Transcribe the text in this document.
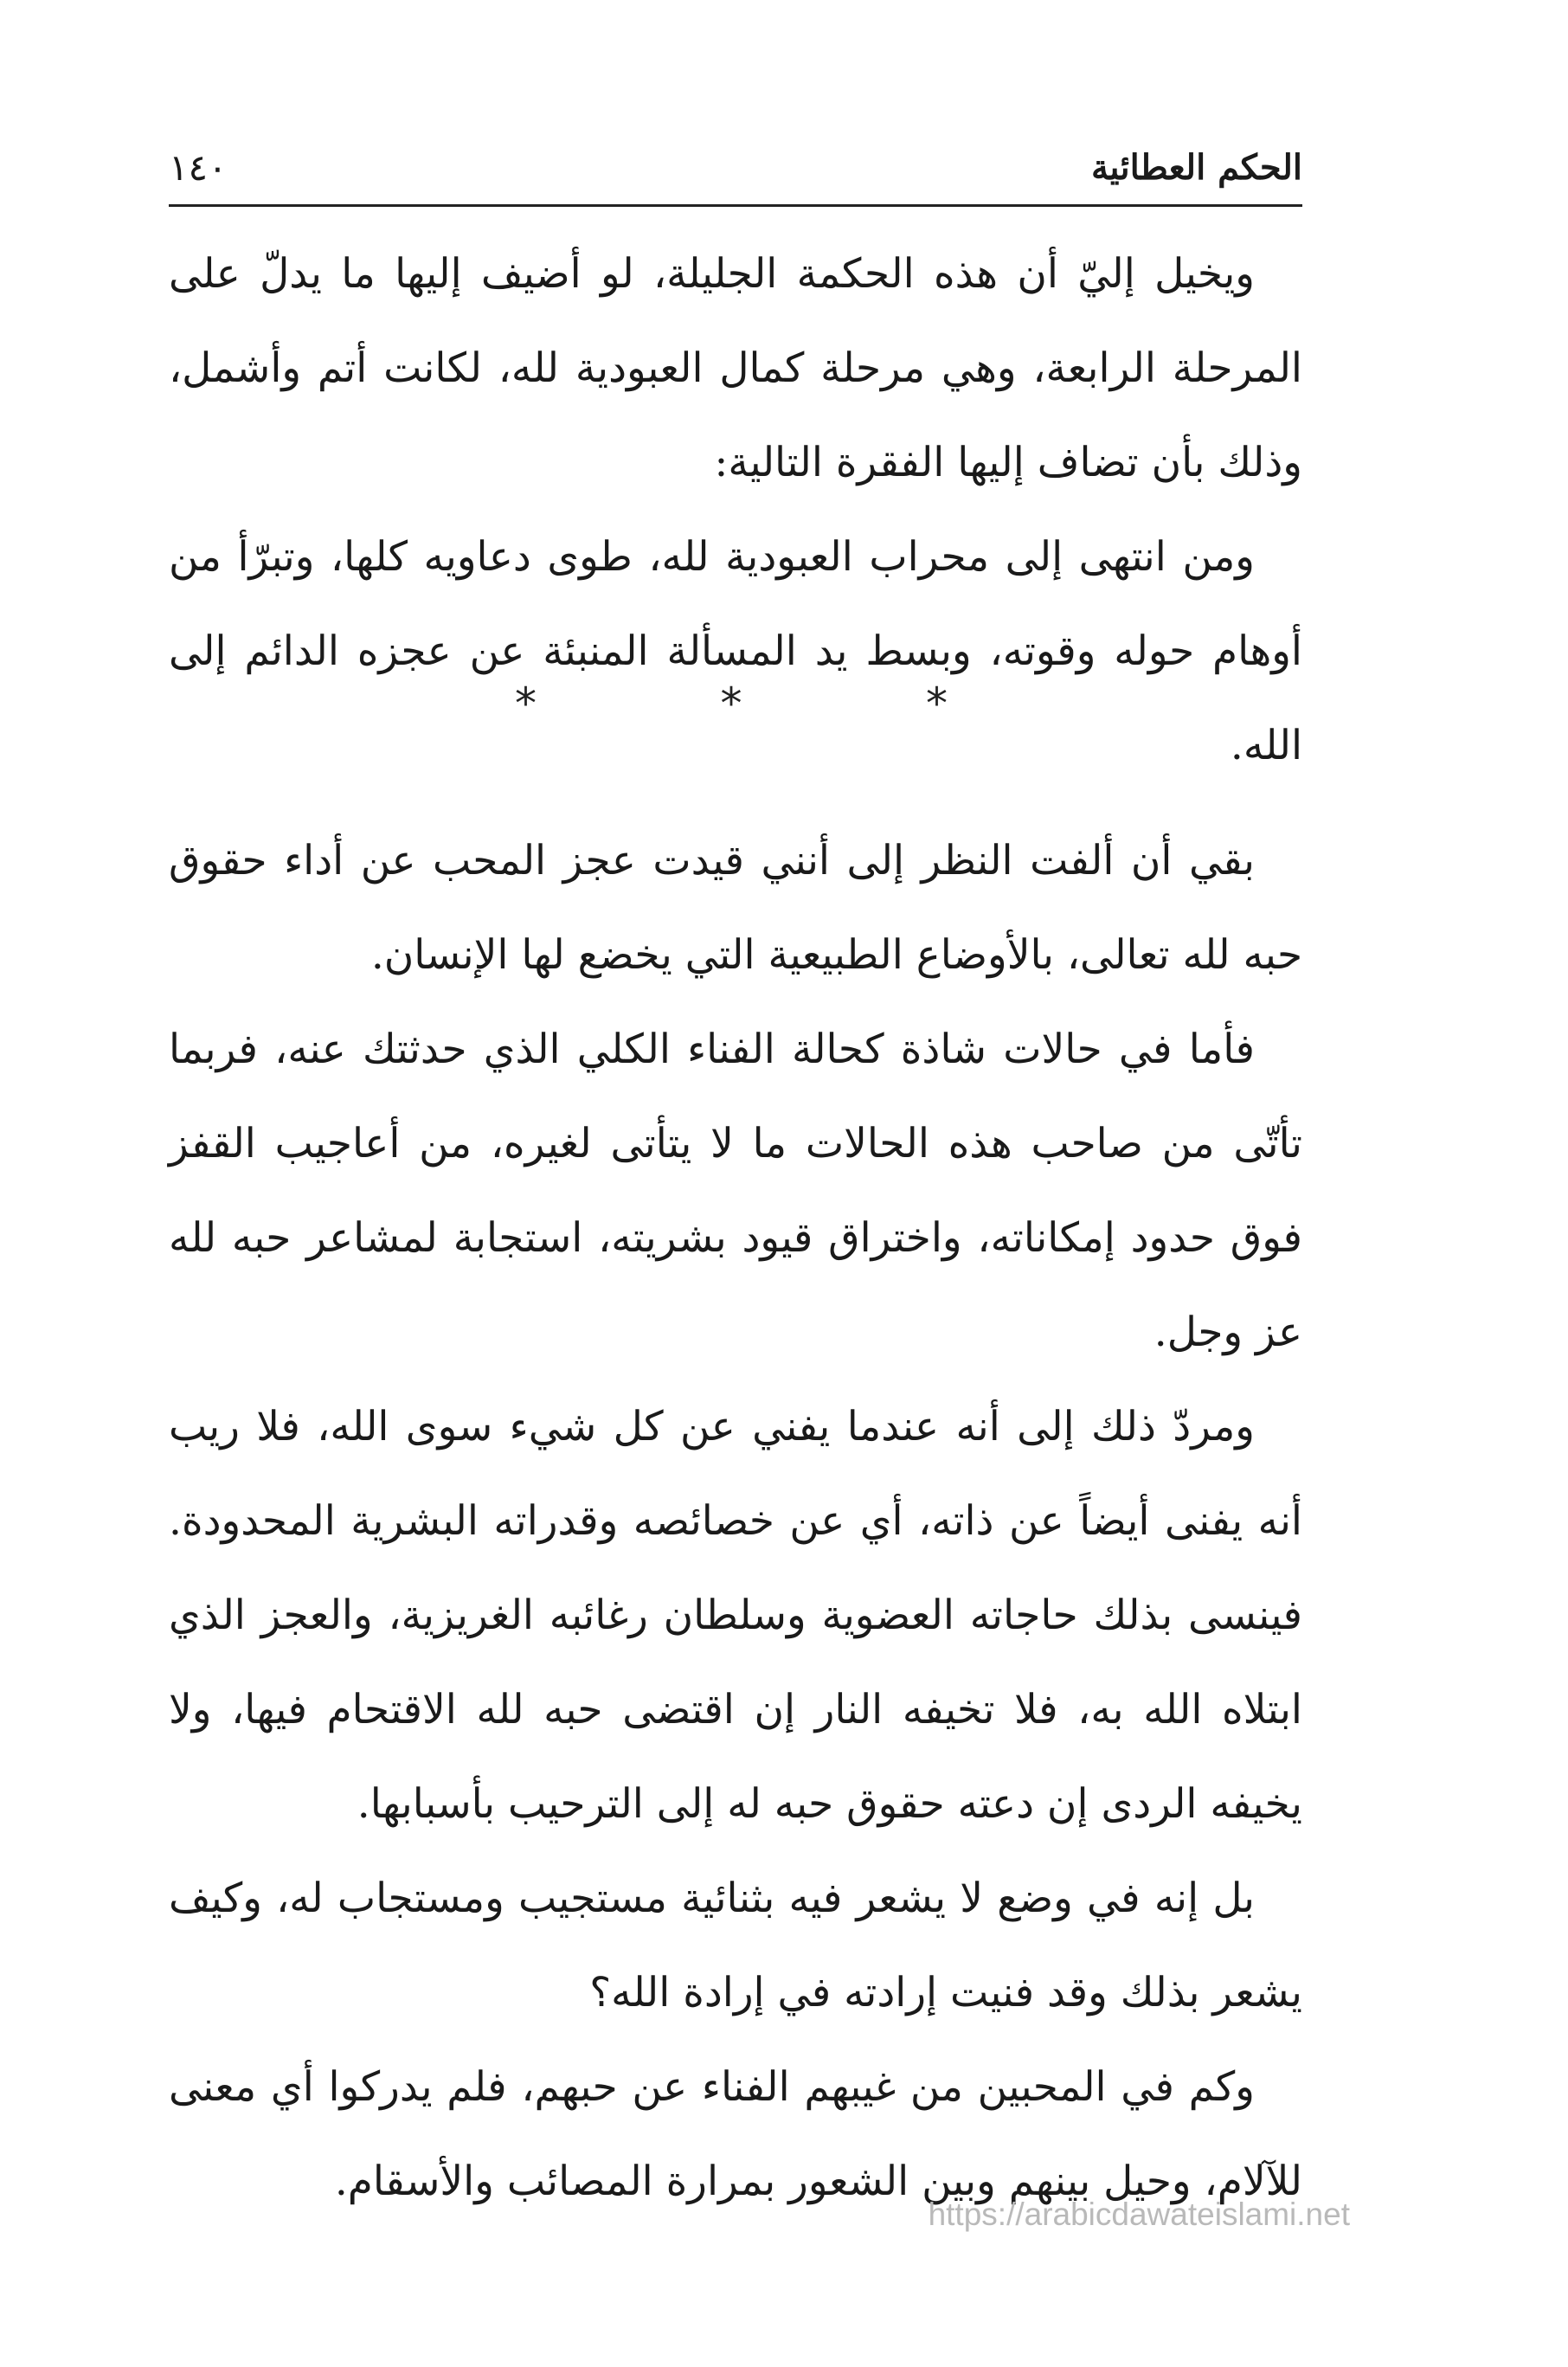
الحكم العطائية
١٤٠

ويخيل إليّ أن هذه الحكمة الجليلة، لو أضيف إليها ما يدلّ على المرحلة الرابعة، وهي مرحلة كمال العبودية لله، لكانت أتم وأشمل، وذلك بأن تضاف إليها الفقرة التالية:

ومن انتهى إلى محراب العبودية لله، طوى دعاويه كلها، وتبرّأ من أوهام حوله وقوته، وبسط يد المسألة المنبئة عن عجزه الدائم إلى الله.

*
*
*

بقي أن ألفت النظر إلى أنني قيدت عجز المحب عن أداء حقوق حبه لله تعالى، بالأوضاع الطبيعية التي يخضع لها الإنسان.

فأما في حالات شاذة كحالة الفناء الكلي الذي حدثتك عنه، فربما تأتّى من صاحب هذه الحالات ما لا يتأتى لغيره، من أعاجيب القفز فوق حدود إمكاناته، واختراق قيود بشريته، استجابة لمشاعر حبه لله عز وجل.

ومردّ ذلك إلى أنه عندما يفني عن كل شيء سوى الله، فلا ريب أنه يفنى أيضاً عن ذاته، أي عن خصائصه وقدراته البشرية المحدودة. فينسى بذلك حاجاته العضوية وسلطان رغائبه الغريزية، والعجز الذي ابتلاه الله به، فلا تخيفه النار إن اقتضى حبه لله الاقتحام فيها، ولا يخيفه الردى إن دعته حقوق حبه له إلى الترحيب بأسبابها.

بل إنه في وضع لا يشعر فيه بثنائية مستجيب ومستجاب له، وكيف يشعر بذلك وقد فنيت إرادته في إرادة الله؟

وكم في المحبين من غيبهم الفناء عن حبهم، فلم يدركوا أي معنى للآلام، وحيل بينهم وبين الشعور بمرارة المصائب والأسقام.

https://arabicdawateislami.net
